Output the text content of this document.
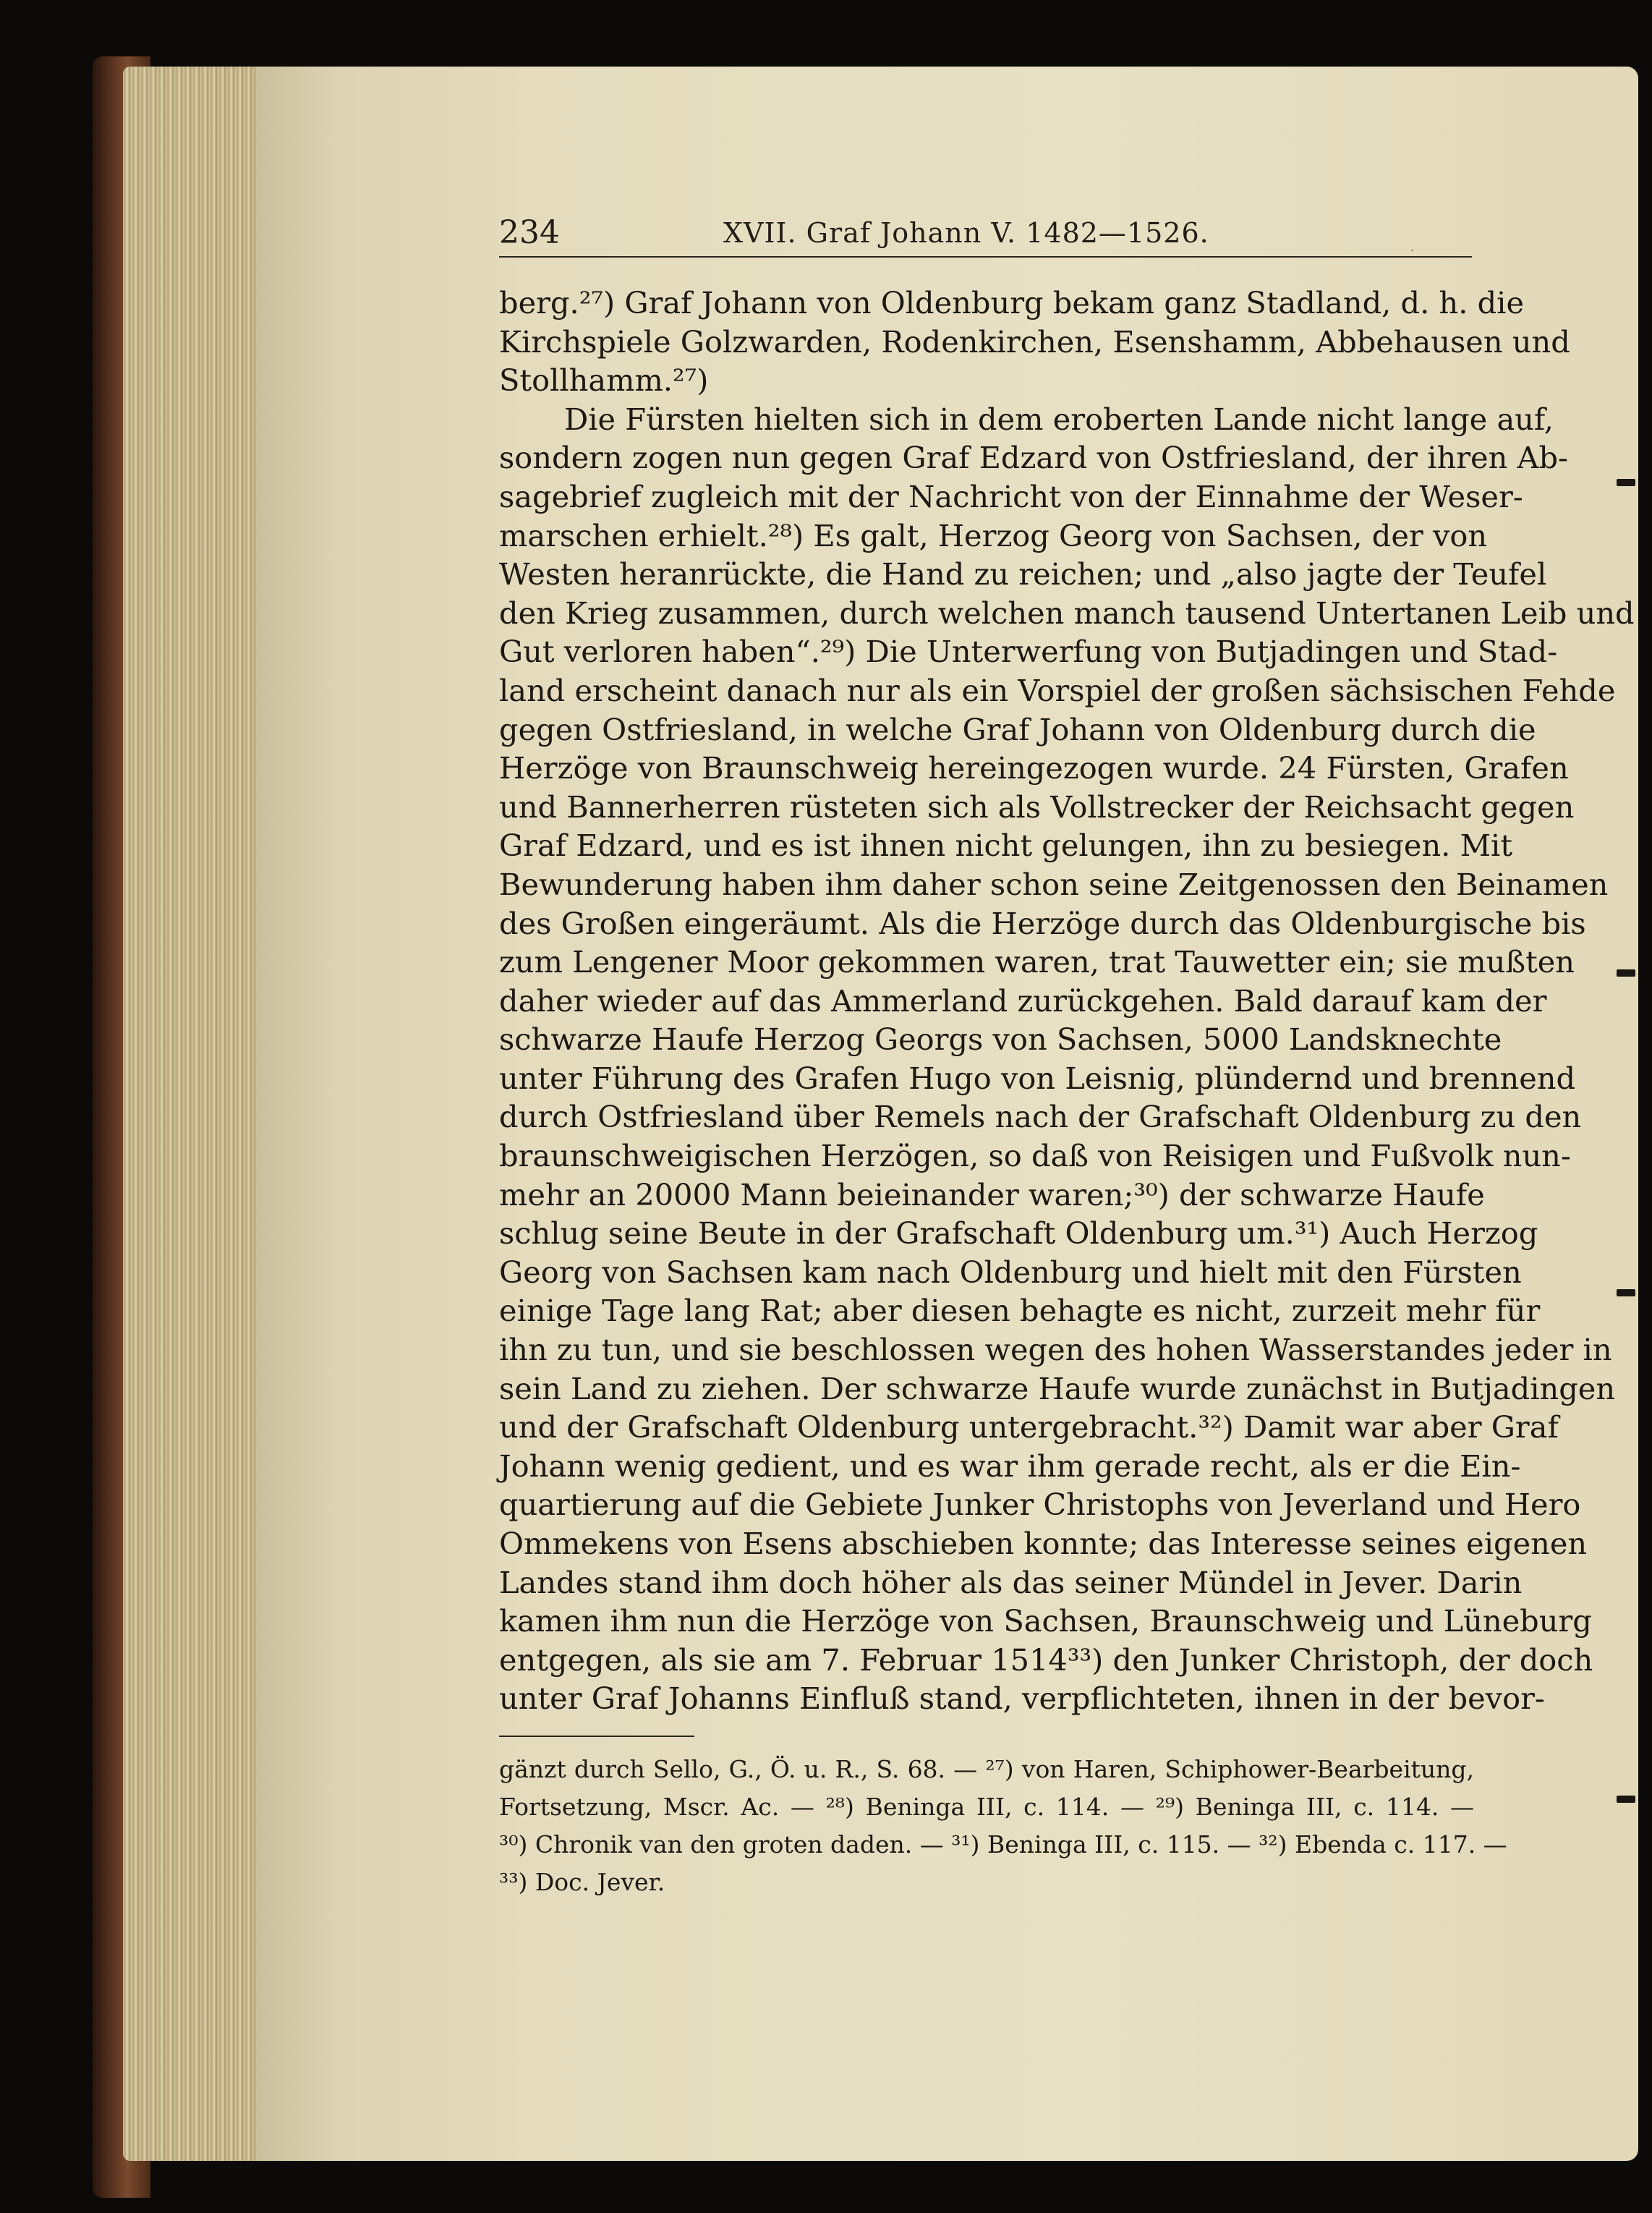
234	XVII. Graf Johann V. 1482—1526.	.
berg.²⁷) Graf Johann von Oldenburg bekam ganz Stadland, d. h. die
Kirchspiele Golzwarden, Rodenkirchen, Esenshamm, Abbehausen und
Stollhamm.²⁷)
Die Fürsten hielten sich in dem eroberten Lande nicht lange auf,
sondern zogen nun gegen Graf Edzard von Ostfriesland, der ihren Ab-
sagebrief zugleich mit der Nachricht von der Einnahme der Weser-
marschen erhielt.²⁸) Es galt, Herzog Georg von Sachsen, der von
Westen heranrückte, die Hand zu reichen; und „also jagte der Teufel
den Krieg zusammen, durch welchen manch tausend Untertanen Leib und
Gut verloren haben“.²⁹) Die Unterwerfung von Butjadingen und Stad-
land erscheint danach nur als ein Vorspiel der großen sächsischen Fehde
gegen Ostfriesland, in welche Graf Johann von Oldenburg durch die
Herzöge von Braunschweig hereingezogen wurde. 24 Fürsten, Grafen
und Bannerherren rüsteten sich als Vollstrecker der Reichsacht gegen
Graf Edzard, und es ist ihnen nicht gelungen, ihn zu besiegen. Mit
Bewunderung haben ihm daher schon seine Zeitgenossen den Beinamen
des Großen eingeräumt. Als die Herzöge durch das Oldenburgische bis
zum Lengener Moor gekommen waren, trat Tauwetter ein; sie mußten
daher wieder auf das Ammerland zurückgehen. Bald darauf kam der
schwarze Haufe Herzog Georgs von Sachsen, 5000 Landsknechte
unter Führung des Grafen Hugo von Leisnig, plündernd und brennend
durch Ostfriesland über Remels nach der Grafschaft Oldenburg zu den
braunschweigischen Herzögen, so daß von Reisigen und Fußvolk nun-
mehr an 20000 Mann beieinander waren;³⁰) der schwarze Haufe
schlug seine Beute in der Grafschaft Oldenburg um.³¹) Auch Herzog
Georg von Sachsen kam nach Oldenburg und hielt mit den Fürsten
einige Tage lang Rat; aber diesen behagte es nicht, zurzeit mehr für
ihn zu tun, und sie beschlossen wegen des hohen Wasserstandes jeder in
sein Land zu ziehen. Der schwarze Haufe wurde zunächst in Butjadingen
und der Grafschaft Oldenburg untergebracht.³²) Damit war aber Graf
Johann wenig gedient, und es war ihm gerade recht, als er die Ein-
quartierung auf die Gebiete Junker Christophs von Jeverland und Hero
Ommekens von Esens abschieben konnte; das Interesse seines eigenen
Landes stand ihm doch höher als das seiner Mündel in Jever. Darin
kamen ihm nun die Herzöge von Sachsen, Braunschweig und Lüneburg
entgegen, als sie am 7. Februar 1514³³) den Junker Christoph, der doch
unter Graf Johanns Einfluß stand, verpflichteten, ihnen in der bevor-
gänzt durch Sello, G., Ö. u. R., S. 68. — ²⁷) von Haren, Schiphower-Bearbeitung,
Fortsetzung, Mscr. Ac. — ²⁸) Beninga III, c. 114. — ²⁹) Beninga III, c. 114. —
³⁰) Chronik van den groten daden. — ³¹) Beninga III, c. 115. — ³²) Ebenda c. 117. —
³³) Doc. Jever.
